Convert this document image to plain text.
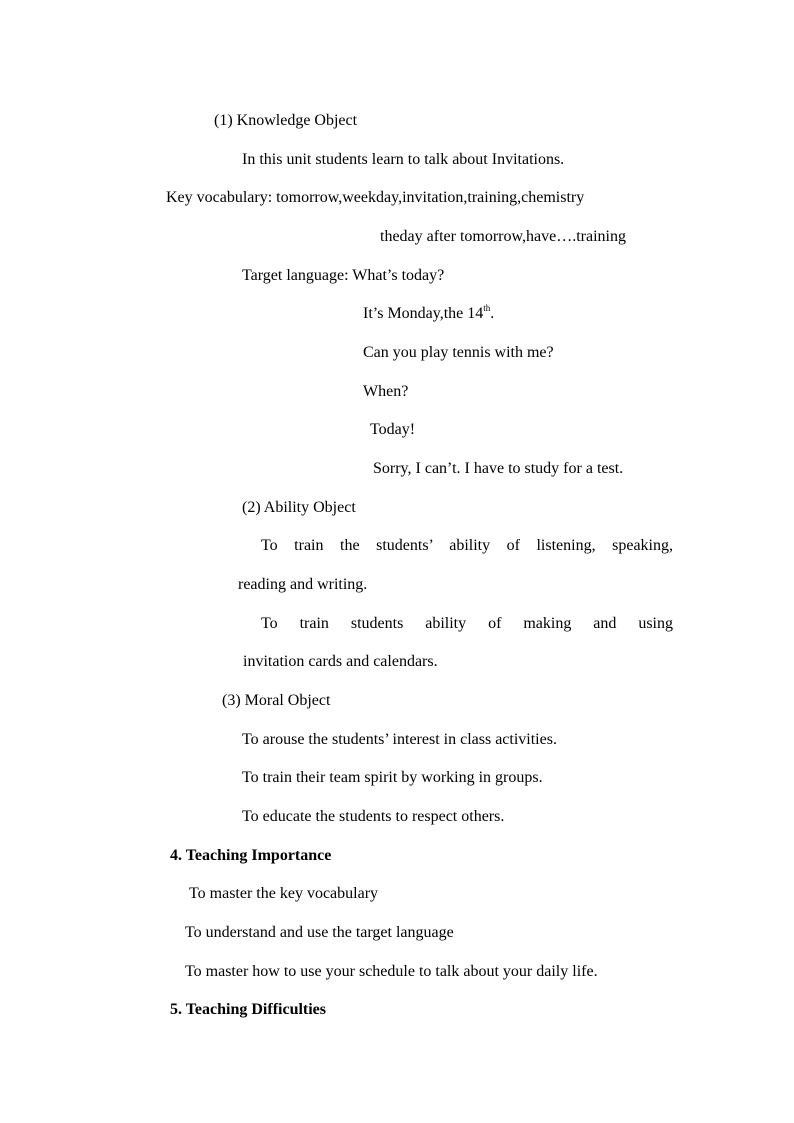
(1) Knowledge Object
In this unit students learn to talk about Invitations.
Key vocabulary: tomorrow,weekday,invitation,training,chemistry
theday after tomorrow,have….training
Target language: What’s today?
It’s Monday,the 14th.
Can you play tennis with me?
When?
Today!
Sorry, I can’t. I have to study for a test.
(2) Ability Object
To train the students’ ability of listening, speaking,
reading and writing.
To train students ability of making and using
invitation cards and calendars.
(3) Moral Object
To arouse the students’ interest in class activities.
To train their team spirit by working in groups.
To educate the students to respect others.
4. Teaching Importance
To master the key vocabulary
To understand and use the target language
To master how to use your schedule to talk about your daily life.
5. Teaching Difficulties
